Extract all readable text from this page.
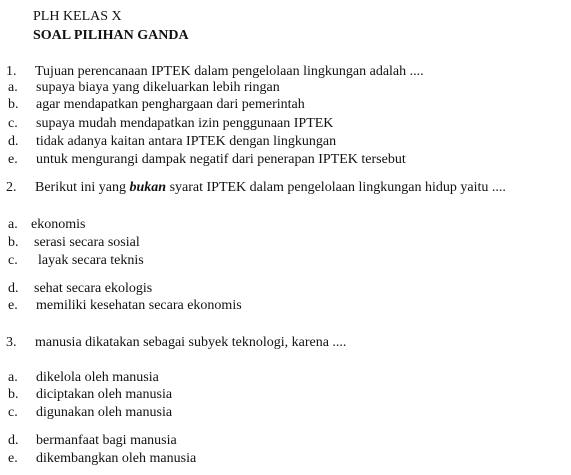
PLH KELAS X
SOAL PILIHAN GANDA
1. Tujuan perencanaan IPTEK dalam pengelolaan lingkungan adalah ....
a. supaya biaya yang dikeluarkan lebih ringan
b. agar mendapatkan penghargaan dari pemerintah
c. supaya mudah mendapatkan izin penggunaan IPTEK
d. tidak adanya kaitan antara IPTEK dengan lingkungan
e. untuk mengurangi dampak negatif dari penerapan IPTEK tersebut
2. Berikut ini yang bukan syarat IPTEK dalam pengelolaan lingkungan hidup yaitu ....
a. ekonomis
b. serasi secara sosial
c. layak secara teknis
d. sehat secara ekologis
e. memiliki kesehatan secara ekonomis
3. manusia dikatakan sebagai subyek teknologi, karena ....
a. dikelola oleh manusia
b. diciptakan oleh manusia
c. digunakan oleh manusia
d. bermanfaat bagi manusia
e. dikembangkan oleh manusia
